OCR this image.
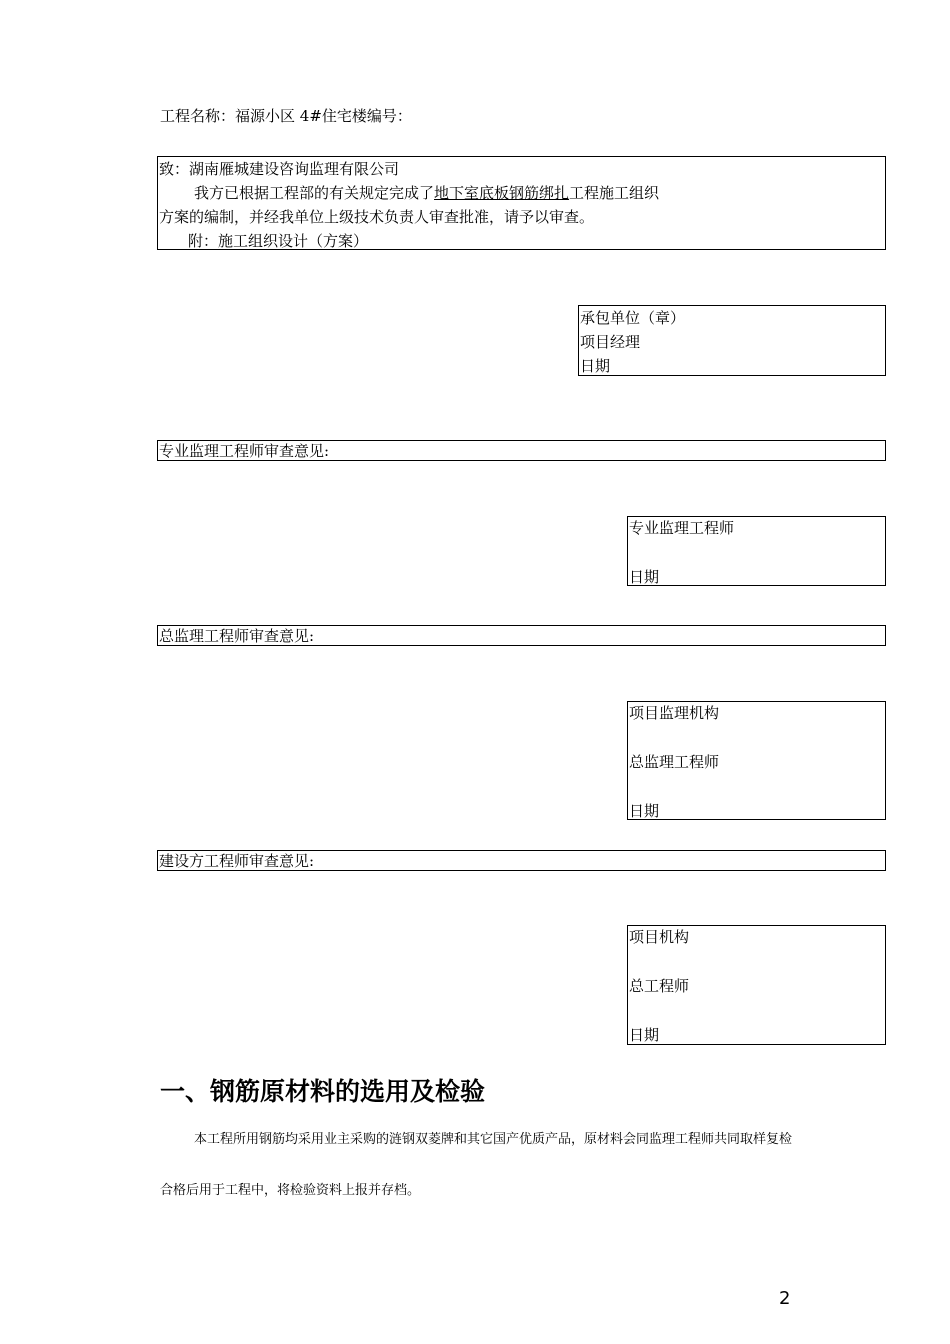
工程名称：福源小区 4#住宅楼编号：
致：湖南雁城建设咨询监理有限公司
我方已根据工程部的有关规定完成了地下室底板钢筋绑扎工程施工组织
方案的编制，并经我单位上级技术负责人审查批准，请予以审查。
附：施工组织设计（方案）
承包单位（章）
项目经理
日期
专业监理工程师审查意见:
专业监理工程师
日期
总监理工程师审查意见:
项目监理机构
总监理工程师
日期
建设方工程师审查意见:
项目机构
总工程师
日期
一、钢筋原材料的选用及检验
本工程所用钢筋均采用业主采购的涟钢双菱牌和其它国产优质产品，原材料会同监理工程师共同取样复检
合格后用于工程中，将检验资料上报并存档。
2
